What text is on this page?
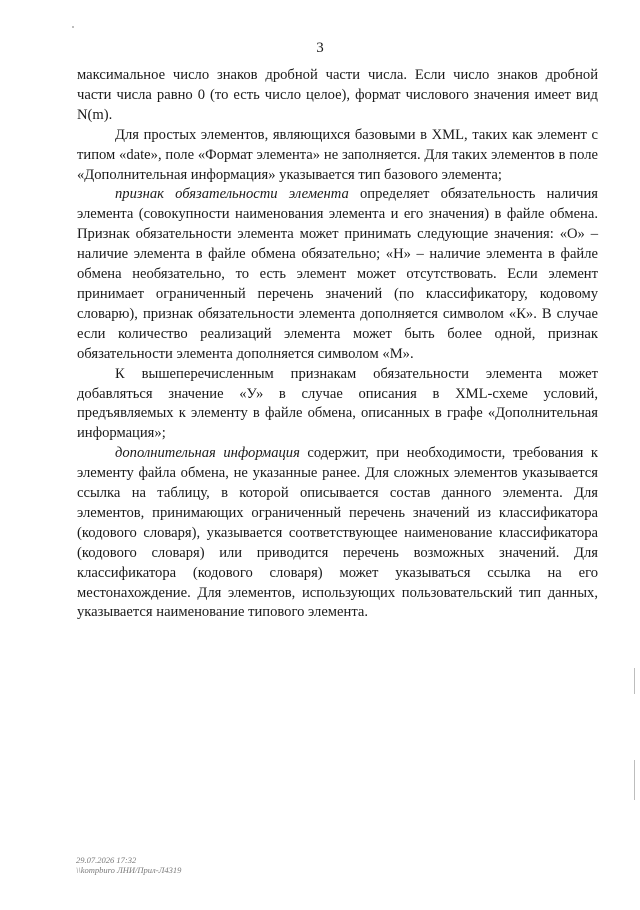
3

максимальное число знаков дробной части числа. Если число знаков дробной части числа равно 0 (то есть число целое), формат числового значения имеет вид N(m).

Для простых элементов, являющихся базовыми в XML, таких как элемент с типом «date», поле «Формат элемента» не заполняется. Для таких элементов в поле «Дополнительная информация» указывается тип базового элемента;

признак обязательности элемента определяет обязательность наличия элемента (совокупности наименования элемента и его значения) в файле обмена. Признак обязательности элемента может принимать следующие значения: «О» – наличие элемента в файле обмена обязательно; «Н» – наличие элемента в файле обмена необязательно, то есть элемент может отсутствовать. Если элемент принимает ограниченный перечень значений (по классификатору, кодовому словарю), признак обязательности элемента дополняется символом «К». В случае если количество реализаций элемента может быть более одной, признак обязательности элемента дополняется символом «М».

К вышеперечисленным признакам обязательности элемента может добавляться значение «У» в случае описания в XML-схеме условий, предъявляемых к элементу в файле обмена, описанных в графе «Дополнительная информация»;

дополнительная информация содержит, при необходимости, требования к элементу файла обмена, не указанные ранее. Для сложных элементов указывается ссылка на таблицу, в которой описывается состав данного элемента. Для элементов, принимающих ограниченный перечень значений из классификатора (кодового словаря), указывается соответствующее наименование классификатора (кодового словаря) или приводится перечень возможных значений. Для классификатора (кодового словаря) может указываться ссылка на его местонахождение. Для элементов, использующих пользовательский тип данных, указывается наименование типового элемента.

29.07.2026 17:32
\\kompburo ЛНИ/Прил-Л4319
